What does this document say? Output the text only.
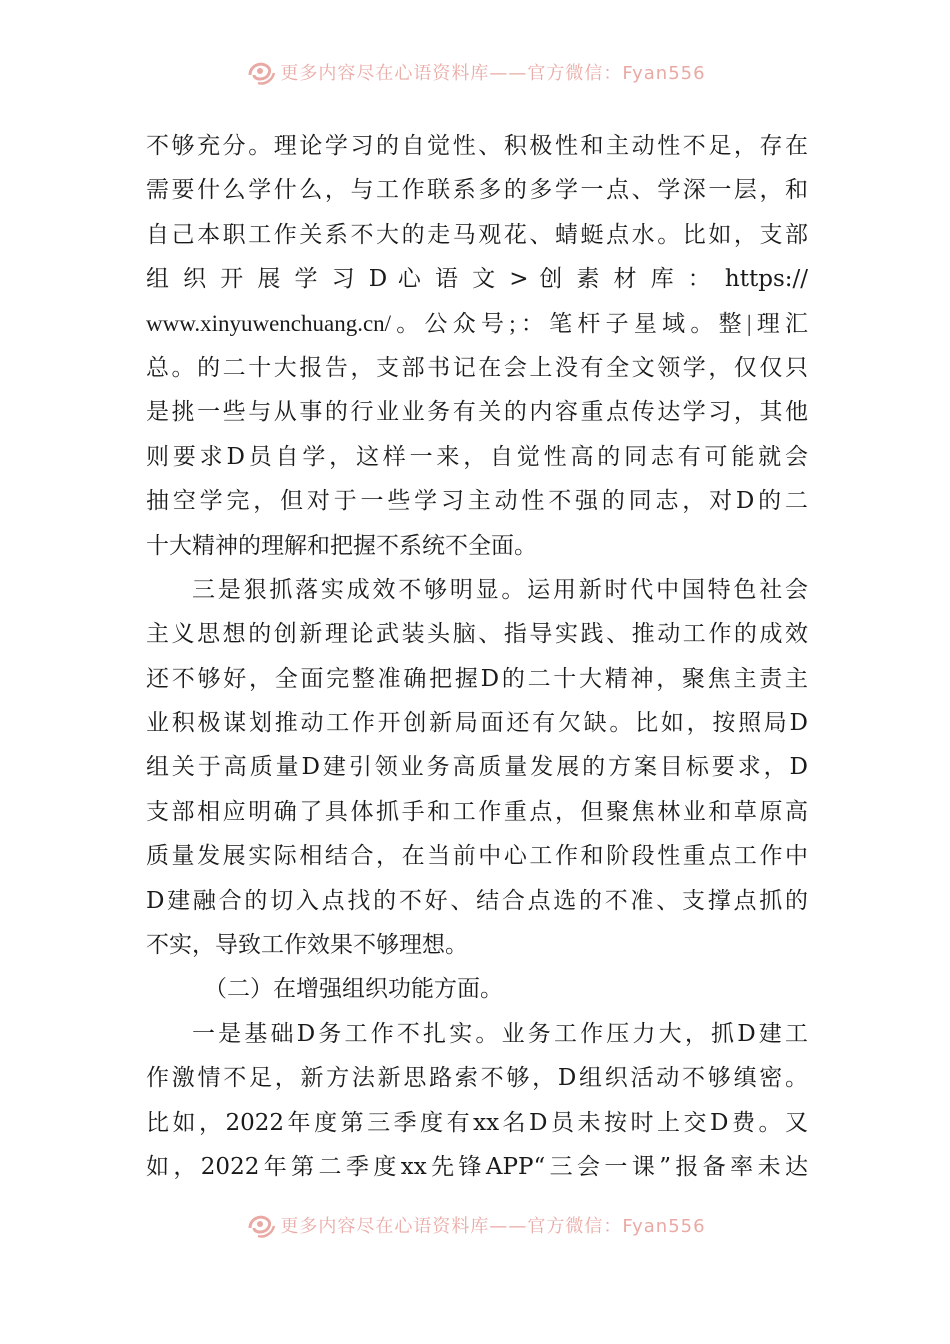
更多内容尽在心语资料库——官方微信：Fyan556
不够充分。理论学习的自觉性、积极性和主动性不足，存在
需要什么学什么，与工作联系多的多学一点、学深一层，和
自己本职工作关系不大的走马观花、蜻蜓点水。比如，支部
组 织 开 展 学 习 D 心 语 文 > 创 素 材 库 ： https://
www.xinyuwenchuang.cn/。公众号;：笔杆子星域。整|理汇
总。的二十大报告，支部书记在会上没有全文领学，仅仅只
是挑一些与从事的行业业务有关的内容重点传达学习，其他
则要求D员自学，这样一来，自觉性高的同志有可能就会
抽空学完，但对于一些学习主动性不强的同志，对D的二
十大精神的理解和把握不系统不全面。
三是狠抓落实成效不够明显。运用新时代中国特色社会
主义思想的创新理论武装头脑、指导实践、推动工作的成效
还不够好，全面完整准确把握D的二十大精神，聚焦主责主
业积极谋划推动工作开创新局面还有欠缺。比如，按照局D
组关于高质量D建引领业务高质量发展的方案目标要求，D
支部相应明确了具体抓手和工作重点，但聚焦林业和草原高
质量发展实际相结合，在当前中心工作和阶段性重点工作中
D建融合的切入点找的不好、结合点选的不准、支撑点抓的
不实，导致工作效果不够理想。
（二）在增强组织功能方面。
一是基础D务工作不扎实。业务工作压力大，抓D建工
作激情不足，新方法新思路索不够，D组织活动不够缜密。
比如，2022年度第三季度有xx名D员未按时上交D费。又
如，2022年第二季度xx先锋APP“三会一课”报备率未达
更多内容尽在心语资料库——官方微信：Fyan556
